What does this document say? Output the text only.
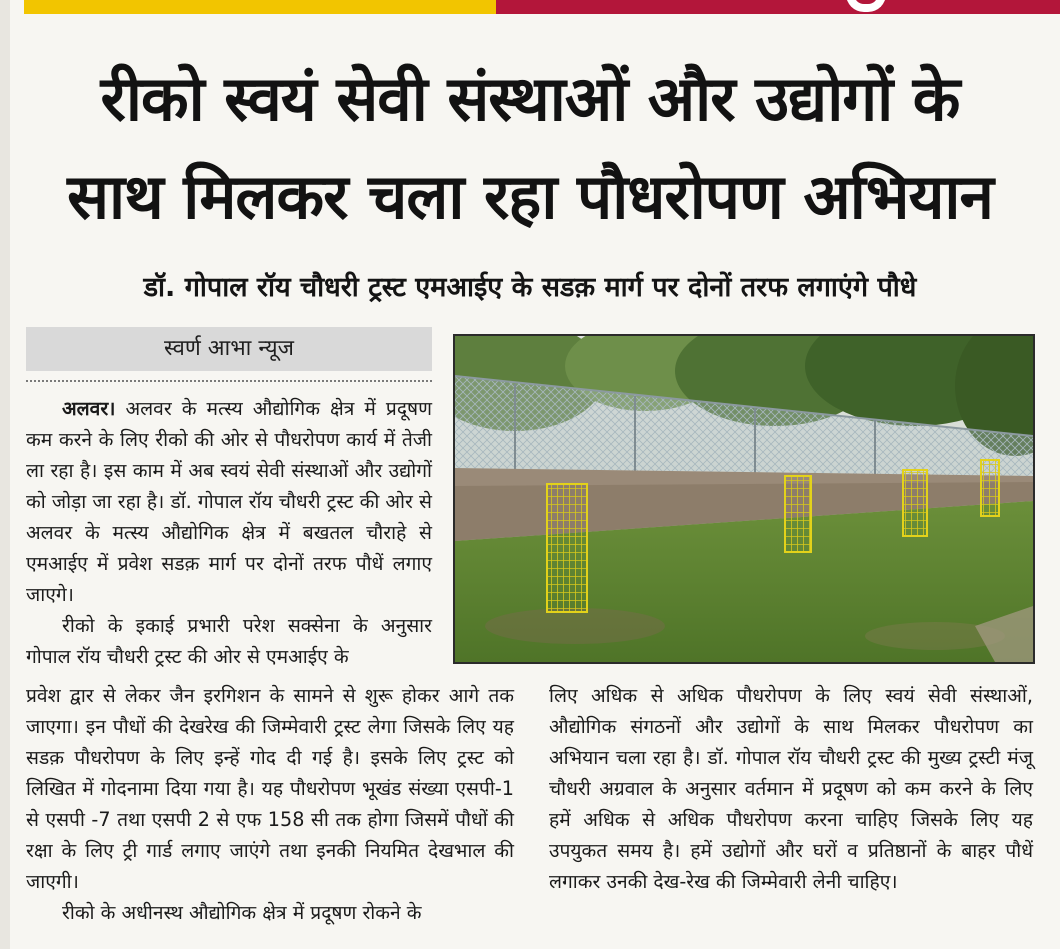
रीको स्वयं सेवी संस्थाओं और उद्योगों के
साथ मिलकर चला रहा पौधरोपण अभियान
डॉ. गोपाल रॉय चौधरी ट्रस्ट एमआईए के सडक़ मार्ग पर दोनों तरफ लगाएंगे पौधे
स्वर्ण आभा न्यूज

अलवर। अलवर के मत्स्य औद्योगिक क्षेत्र में प्रदूषण कम करने के लिए रीको की ओर से पौधरोपण कार्य में तेजी ला रहा है। इस काम में अब स्वयं सेवी संस्थाओं और उद्योगों को जोड़ा जा रहा है। डॉ. गोपाल रॉय चौधरी ट्रस्ट की ओर से अलवर के मत्स्य औद्योगिक क्षेत्र में बखतल चौराहे से एमआईए में प्रवेश सडक़ मार्ग पर दोनों तरफ पौधें लगाए जाएगे।

रीको के इकाई प्रभारी परेश सक्सेना के अनुसार गोपाल रॉय चौधरी ट्रस्ट की ओर से एमआईए के

प्रवेश द्वार से लेकर जैन इरगिशन के सामने से शुरू होकर आगे तक जाएगा। इन पौधों की देखरेख की जिम्मेवारी ट्रस्ट लेगा जिसके लिए यह सडक़ पौधरोपण के लिए इन्हें गोद दी गई है। इसके लिए ट्रस्ट को लिखित में गोदनामा दिया गया है। यह पौधरोपण भूखंड संख्या एसपी-1 से एसपी -7 तथा एसपी 2 से एफ 158 सी तक होगा जिसमें पौधों की रक्षा के लिए ट्री गार्ड लगाए जाएंगे तथा इनकी नियमित देखभाल की जाएगी।

रीको के अधीनस्थ औद्योगिक क्षेत्र में प्रदूषण रोकने के

लिए अधिक से अधिक पौधरोपण के लिए स्वयं सेवी संस्थाओं, औद्योगिक संगठनों और उद्योगों के साथ मिलकर पौधरोपण का अभियान चला रहा है। डॉ. गोपाल रॉय चौधरी ट्रस्ट की मुख्य ट्रस्टी मंजू चौधरी अग्रवाल के अनुसार वर्तमान में प्रदूषण को कम करने के लिए हमें अधिक से अधिक पौधरोपण करना चाहिए जिसके लिए यह उपयुकत समय है। हमें उद्योगों और घरों व प्रतिष्ठानों के बाहर पौधें लगाकर उनकी देख-रेख की जिम्मेवारी लेनी चाहिए।
